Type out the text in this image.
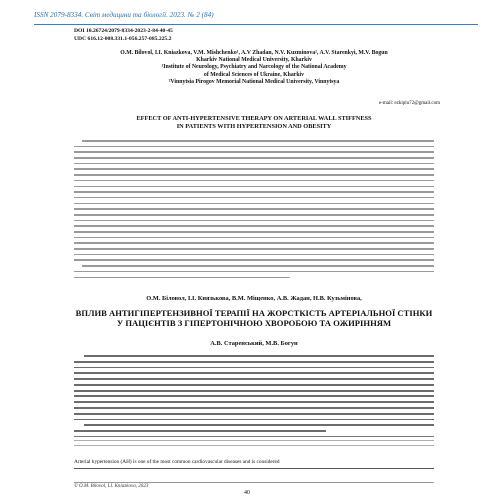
ISSN 2079-8334. Світ медицини та біології. 2023. № 2 (84)
DOI 10.26724/2079-8334-2023-2-84-40-45
UDC 616.12-008.331.1-056.257-085.225.2
O.M. Bilovol, I.I. Kniazkova, V.M. Mishchenko¹, A.V Zhadan, N.V. Kuzminova², A.V. Starenkyi, M.V. Bogun
Kharkiv National Medical University, Kharkiv
¹Institute of Neurology, Psychiatry and Narcology of the National Academy
of Medical Sciences of Ukraine, Kharkiv
²Vinnytsia Pirogov Memorial National Medical University, Vinnytsya
e-mail: ezkiplu72@gmail.com
EFFECT OF ANTI-HYPERTENSIVE THERAPY ON ARTERIAL WALL STIFFNESS
IN PATIENTS WITH HYPERTENSION AND OBESITY
О.М. Біловол, І.І. Князькова, В.М. Міщенко, А.В. Жадан, Н.В. Кузьмінова,
ВПЛИВ АНТИГІПЕРТЕНЗИВНОЇ ТЕРАПІЇ НА ЖОРСТКІСТЬ АРТЕРІАЛЬНОЇ СТІНКИ
У ПАЦІЄНТІВ З ГІПЕРТОНІЧНОЮ ХВОРОБОЮ ТА ОЖИРІННЯМ
А.В. Старенський, М.В. Богун
Arterial hypertension (AH) is one of the most common cardiovascular diseases and is considered
© O.M. Bilovol, I.I. Kniazkova, 2023
40
